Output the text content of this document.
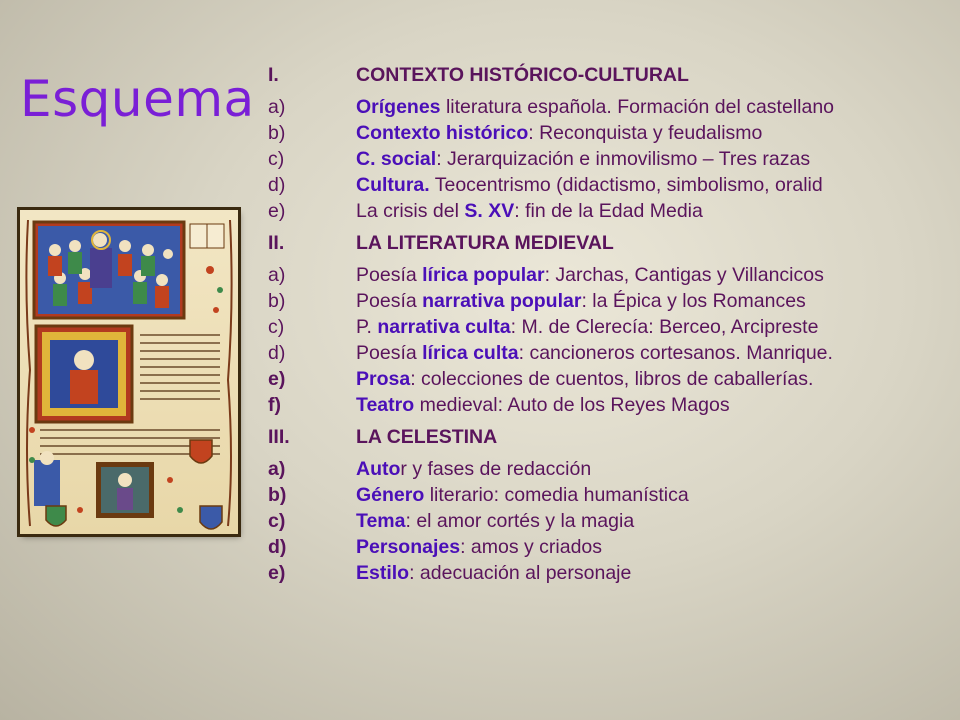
Esquema I.	CONTEXTO HISTÓRICO-CULTURAL
a)	Orígenes literatura española. Formación del castellano
b)	Contexto histórico: Reconquista y feudalismo
c)	C. social: Jerarquización e inmovilismo – Tres razas
d)	Cultura. Teocentrismo (didactismo, simbolismo, oralid
e)	La crisis del S. XV: fin de la Edad Media
II.	LA LITERATURA MEDIEVAL
a)	Poesía lírica popular: Jarchas, Cantigas y Villancicos
b)	Poesía narrativa popular: la Épica y los Romances
c)	P. narrativa culta: M. de Clerecía: Berceo, Arcipreste
d)	Poesía lírica culta: cancioneros cortesanos. Manrique.
e)	Prosa: colecciones de cuentos, libros de caballerías.
f)	Teatro medieval: Auto de los Reyes Magos
III.	LA CELESTINA
a)	Autor y fases de redacción
b)	Género literario: comedia humanística
c)	Tema: el amor cortés y la magia
d)	Personajes: amos y criados
e)	Estilo: adecuación al personaje
